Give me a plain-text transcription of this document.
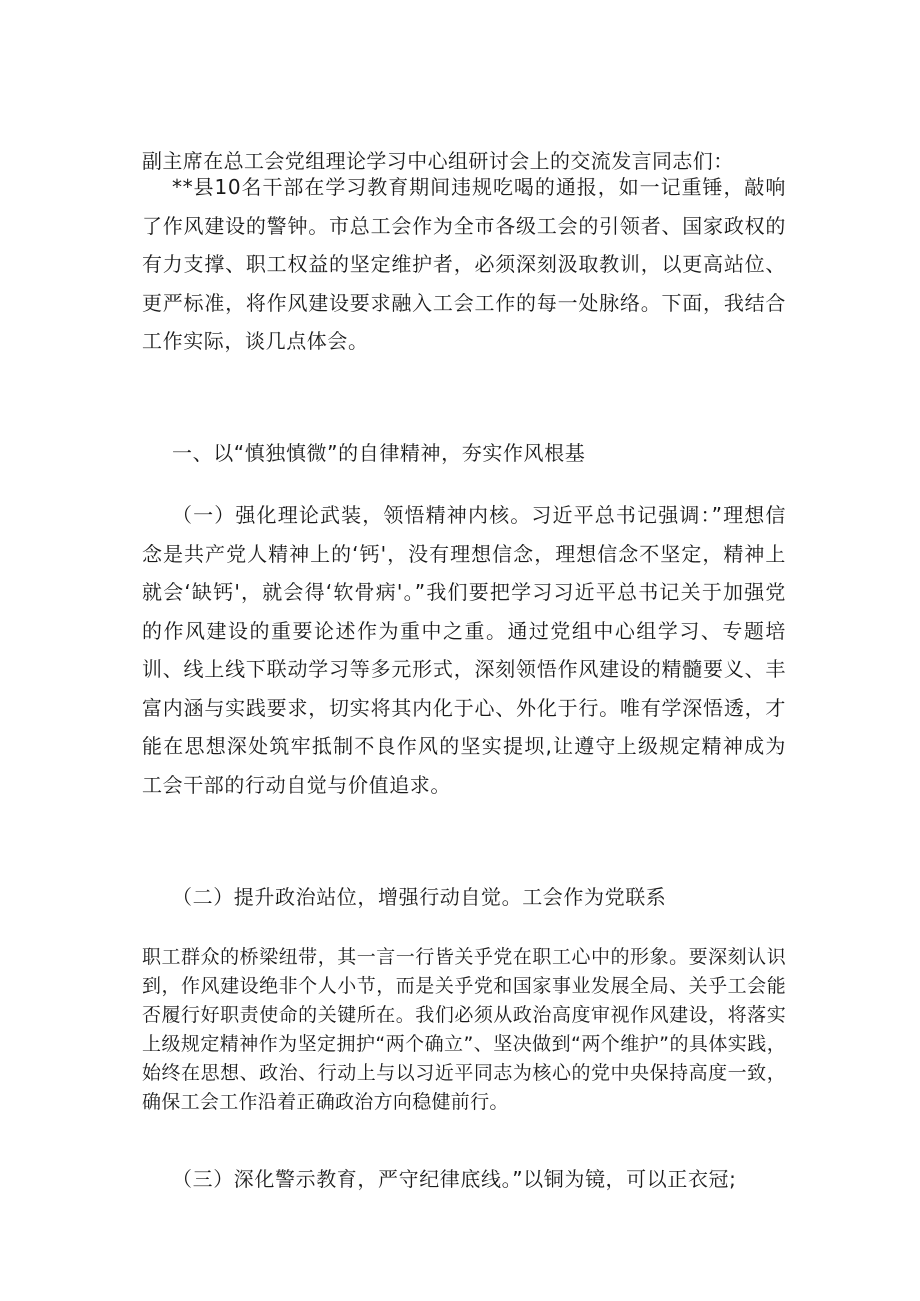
副主席在总工会党组理论学习中心组研讨会上的交流发言同志们：
**县10名干部在学习教育期间违规吃喝的通报，如一记重锤，敲响了作风建设的警钟。市总工会作为全市各级工会的引领者、国家政权的有力支撑、职工权益的坚定维护者，必须深刻汲取教训，以更高站位、更严标准，将作风建设要求融入工会工作的每一处脉络。下面，我结合工作实际，谈几点体会。
一、以“慎独慎微”的自律精神，夯实作风根基
（一）强化理论武装，领悟精神内核。习近平总书记强调：”理想信念是共产党人精神上的‘钙'，没有理想信念，理想信念不坚定，精神上就会‘缺钙'，就会得‘软骨病'。”我们要把学习习近平总书记关于加强党的作风建设的重要论述作为重中之重。通过党组中心组学习、专题培训、线上线下联动学习等多元形式，深刻领悟作风建设的精髓要义、丰富内涵与实践要求，切实将其内化于心、外化于行。唯有学深悟透，才能在思想深处筑牢抵制不良作风的坚实提坝,让遵守上级规定精神成为工会干部的行动自觉与价值追求。
（二）提升政治站位，增强行动自觉。工会作为党联系
职工群众的桥梁纽带，其一言一行皆关乎党在职工心中的形象。要深刻认识到，作风建设绝非个人小节，而是关乎党和国家事业发展全局、关乎工会能否履行好职责使命的关键所在。我们必须从政治高度审视作风建设，将落实上级规定精神作为坚定拥护“两个确立”、坚决做到“两个维护”的具体实践，始终在思想、政治、行动上与以习近平同志为核心的党中央保持高度一致，确保工会工作沿着正确政治方向稳健前行。
（三）深化警示教育，严守纪律底线。”以铜为镜，可以正衣冠;
